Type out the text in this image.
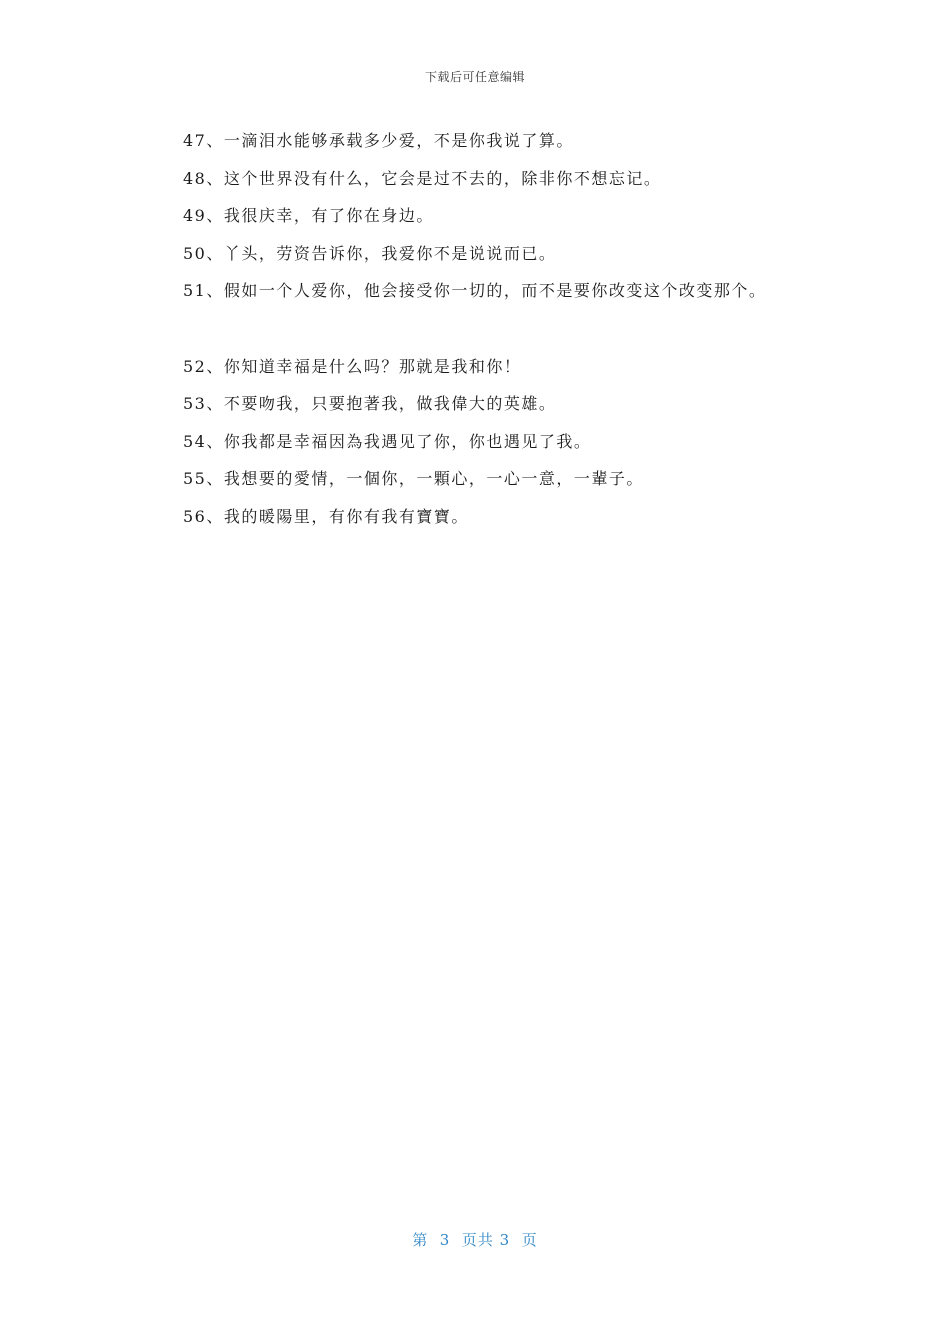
下载后可任意编辑
47、一滴泪水能够承载多少爱，不是你我说了算。
48、这个世界没有什么，它会是过不去的，除非你不想忘记。
49、我很庆幸，有了你在身边。
50、丫头，劳资告诉你，我爱你不是说说而已。
51、假如一个人爱你，他会接受你一切的，而不是要你改变这个改变那个。
52、你知道幸福是什么吗？那就是我和你！
53、不要吻我，只要抱著我，做我偉大的英雄。
54、你我都是幸福因為我遇见了你，你也遇见了我。
55、我想要的愛情，一個你，一顆心，一心一意，一輩子。
56、我的暖陽里，有你有我有寶寶。
第  3  页共 3  页
